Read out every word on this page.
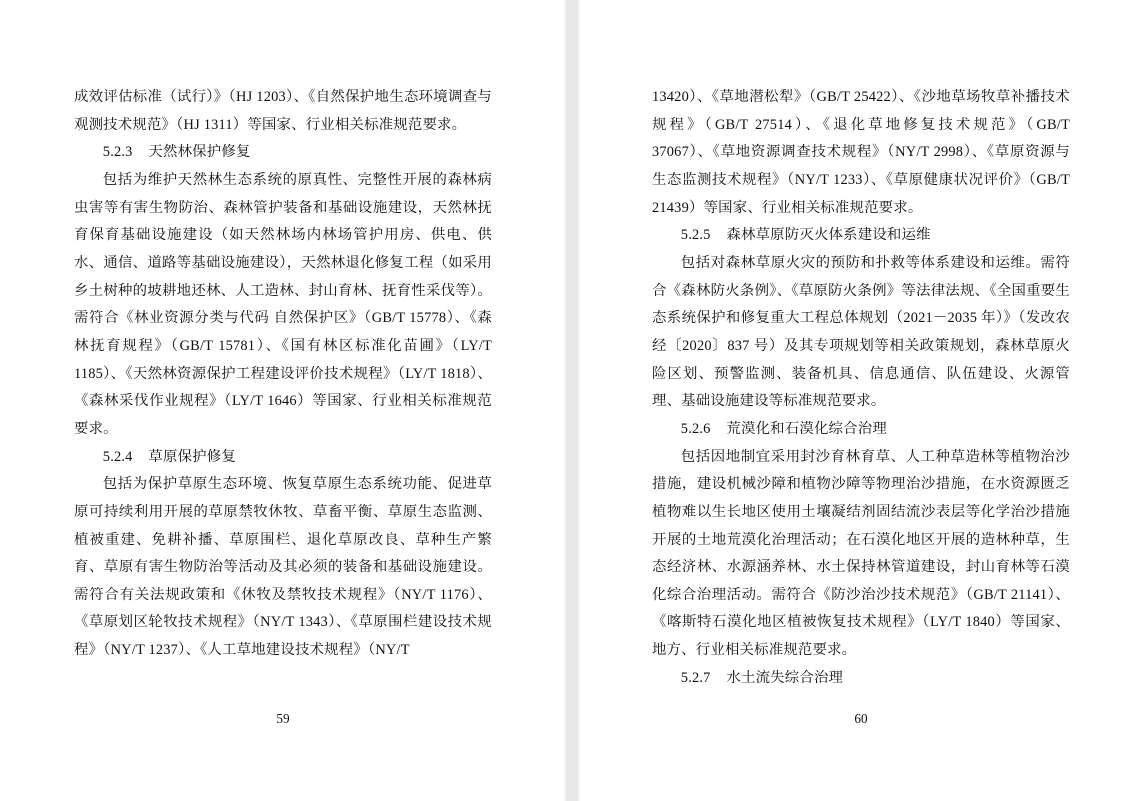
成效评估标准（试行）》（HJ 1203）、《自然保护地生态环境调查与观测技术规范》（HJ 1311）等国家、行业相关标准规范要求。

5.2.3 天然林保护修复

包括为维护天然林生态系统的原真性、完整性开展的森林病虫害等有害生物防治、森林管护装备和基础设施建设，天然林抚育保育基础设施建设（如天然林场内林场管护用房、供电、供水、通信、道路等基础设施建设），天然林退化修复工程（如采用乡土树种的坡耕地还林、人工造林、封山育林、抚育性采伐等）。需符合《林业资源分类与代码 自然保护区》（GB/T 15778）、《森林抚育规程》（GB/T 15781）、《国有林区标准化苗圃》（LY/T 1185）、《天然林资源保护工程建设评价技术规程》（LY/T 1818）、《森林采伐作业规程》（LY/T 1646）等国家、行业相关标准规范要求。

5.2.4 草原保护修复

包括为保护草原生态环境、恢复草原生态系统功能、促进草原可持续利用开展的草原禁牧休牧、草畜平衡、草原生态监测、植被重建、免耕补播、草原围栏、退化草原改良、草种生产繁育、草原有害生物防治等活动及其必须的装备和基础设施建设。需符合有关法规政策和《休牧及禁牧技术规程》（NY/T 1176）、《草原划区轮牧技术规程》（NY/T 1343）、《草原围栏建设技术规程》（NY/T 1237）、《人工草地建设技术规程》（NY/T

59

13420）、《草地潜松犁》（GB/T 25422）、《沙地草场牧草补播技术规程》（GB/T 27514）、《退化草地修复技术规范》（GB/T 37067）、《草地资源调查技术规程》（NY/T 2998）、《草原资源与生态监测技术规程》（NY/T 1233）、《草原健康状况评价》（GB/T 21439）等国家、行业相关标准规范要求。

5.2.5 森林草原防灭火体系建设和运维

包括对森林草原火灾的预防和扑救等体系建设和运维。需符合《森林防火条例》、《草原防火条例》等法律法规、《全国重要生态系统保护和修复重大工程总体规划（2021－2035 年）》（发改农经〔2020〕837 号）及其专项规划等相关政策规划，森林草原火险区划、预警监测、装备机具、信息通信、队伍建设、火源管理、基础设施建设等标准规范要求。

5.2.6 荒漠化和石漠化综合治理

包括因地制宜采用封沙育林育草、人工种草造林等植物治沙措施，建设机械沙障和植物沙障等物理治沙措施，在水资源匮乏植物难以生长地区使用土壤凝结剂固结流沙表层等化学治沙措施开展的土地荒漠化治理活动；在石漠化地区开展的造林种草，生态经济林、水源涵养林、水土保持林管道建设，封山育林等石漠化综合治理活动。需符合《防沙治沙技术规范》（GB/T 21141）、《喀斯特石漠化地区植被恢复技术规程》（LY/T 1840）等国家、地方、行业相关标准规范要求。

5.2.7 水土流失综合治理

60
